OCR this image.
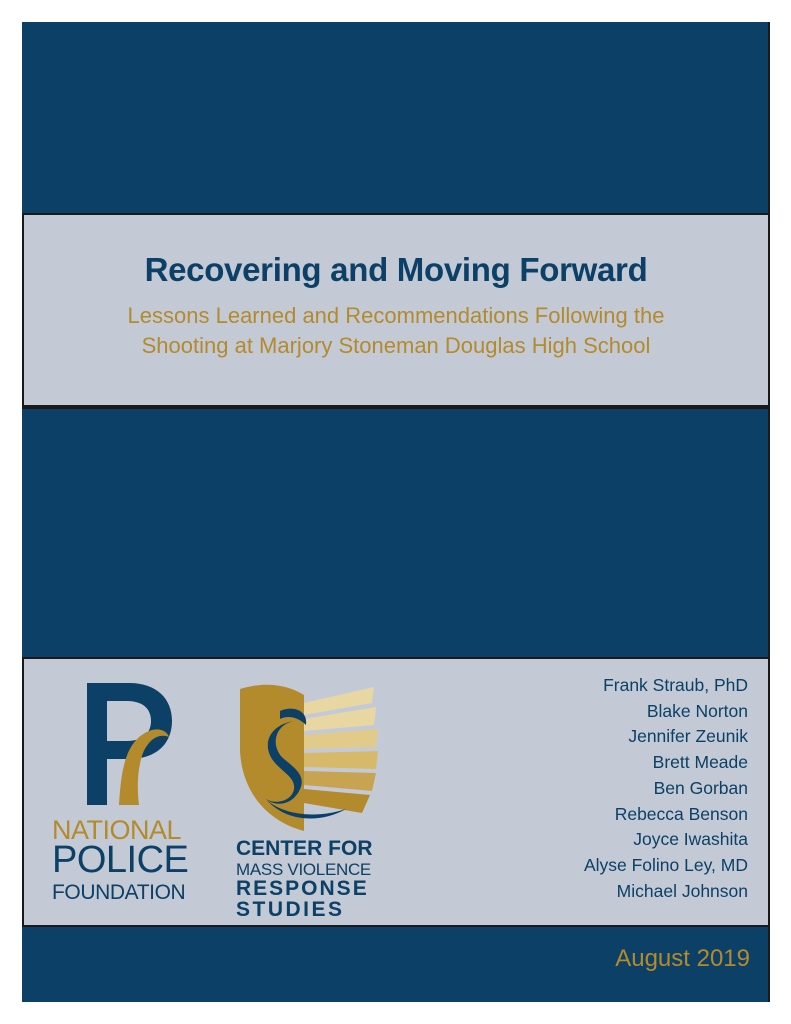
Recovering and Moving Forward
Lessons Learned and Recommendations Following the
Shooting at Marjory Stoneman Douglas High School
NATIONAL
POLICE
FOUNDATION
CENTER FOR
MASS VIOLENCE
RESPONSE
STUDIES
Frank Straub, PhD
Blake Norton
Jennifer Zeunik
Brett Meade
Ben Gorban
Rebecca Benson
Joyce Iwashita
Alyse Folino Ley, MD
Michael Johnson
August 2019
